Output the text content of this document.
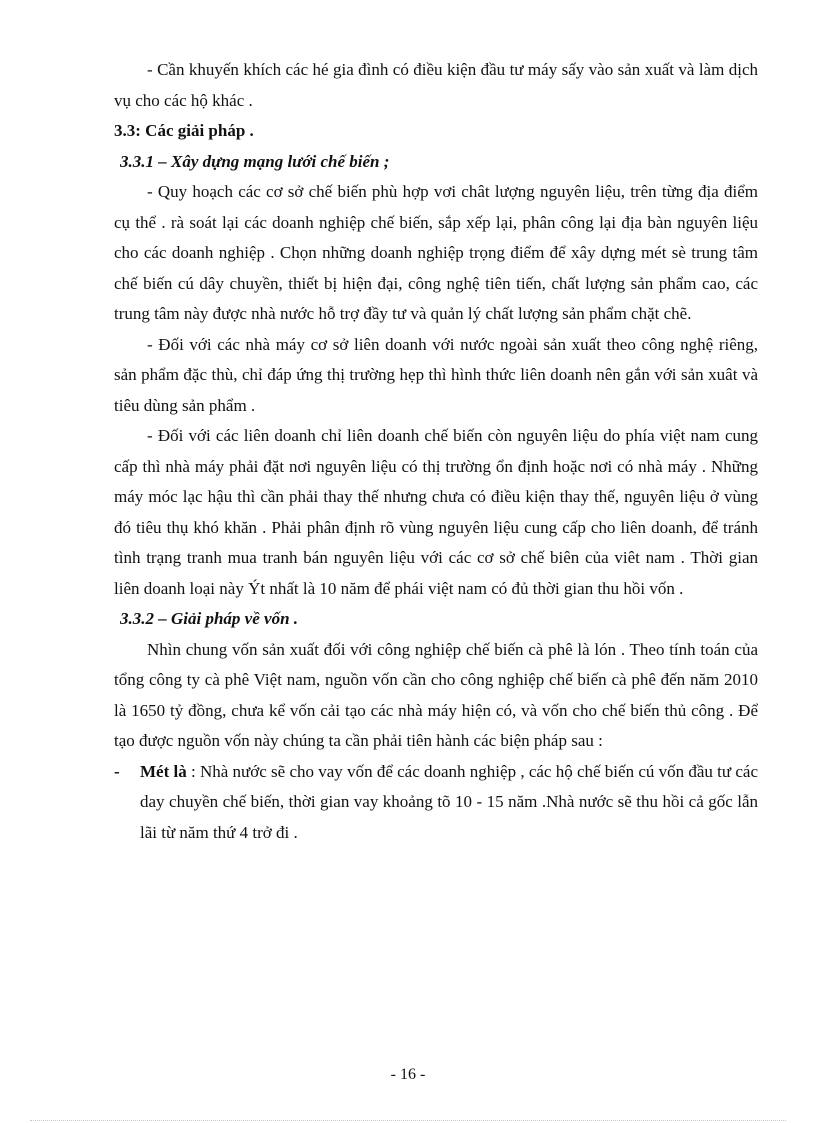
- Cần khuyến khích các hé gia đình có điều kiện đầu tư máy sấy vào sản xuất và làm dịch vụ cho các hộ khác .

3.3: Các giải pháp .

3.3.1 – Xây dựng mạng lưới chế biến ;

- Quy hoạch các cơ sở chế biến phù hợp vơi chât lượng nguyên liệu, trên từng địa điểm cụ thể . rà soát lại các doanh nghiệp chế biến, sắp xếp lại, phân công lại địa bàn nguyên liệu cho các doanh nghiệp . Chọn những doanh nghiệp trọng điểm để xây dựng mét sè trung tâm chế biến cú dây chuyền, thiết bị hiện đại, công nghệ tiên tiến, chất lượng sản phẩm cao, các trung tâm này được nhà nước hỗ trợ đầy tư và quản lý chất lượng sản phẩm chặt chẽ.

- Đối với các nhà máy cơ sở liên doanh với nước ngoài sản xuất theo công nghệ riêng, sản phẩm đặc thù, chỉ đáp ứng thị trường hẹp thì hình thức liên doanh nên gắn với sản xuât và tiêu dùng sản phẩm .

- Đối với các liên doanh chỉ liên doanh chế biến còn nguyên liệu do phía việt nam cung cấp thì nhà máy phải đặt nơi nguyên liệu có thị trường ổn định hoặc nơi có nhà máy . Những máy móc lạc hậu thì cần phải thay thế nhưng chưa có điều kiện thay thế, nguyên liệu ở vùng đó tiêu thụ khó khăn . Phải phân định rõ vùng nguyên liệu cung cấp cho liên doanh, để tránh tình trạng tranh mua tranh bán nguyên liệu với các cơ sở chế biên của viêt nam . Thời gian liên doanh loại này Ýt nhất là 10 năm để phái việt nam có đủ thời gian thu hồi vốn .

3.3.2 – Giải pháp về vốn .

Nhìn chung vốn sản xuất đối với công nghiệp chế biến cà phê là lón . Theo tính toán của tổng công ty cà phê Việt nam, nguồn vốn cần cho công nghiệp chế biến cà phê đến năm 2010 là 1650 tỷ đồng, chưa kể vốn cải tạo các nhà máy hiện có, và vốn cho chế biến thủ công . Để tạo được nguồn vốn này chúng ta cần phải tiên hành các biện pháp sau :

-	Mét là : Nhà nước sẽ cho vay vốn để các doanh nghiệp , các hộ chế biến cú vốn đầu tư các day chuyền chế biến, thời gian vay khoảng tõ 10 - 15 năm .Nhà nước sẽ thu hồi cả gốc lẫn lãi từ năm thứ 4 trở đi .
- 16 -
